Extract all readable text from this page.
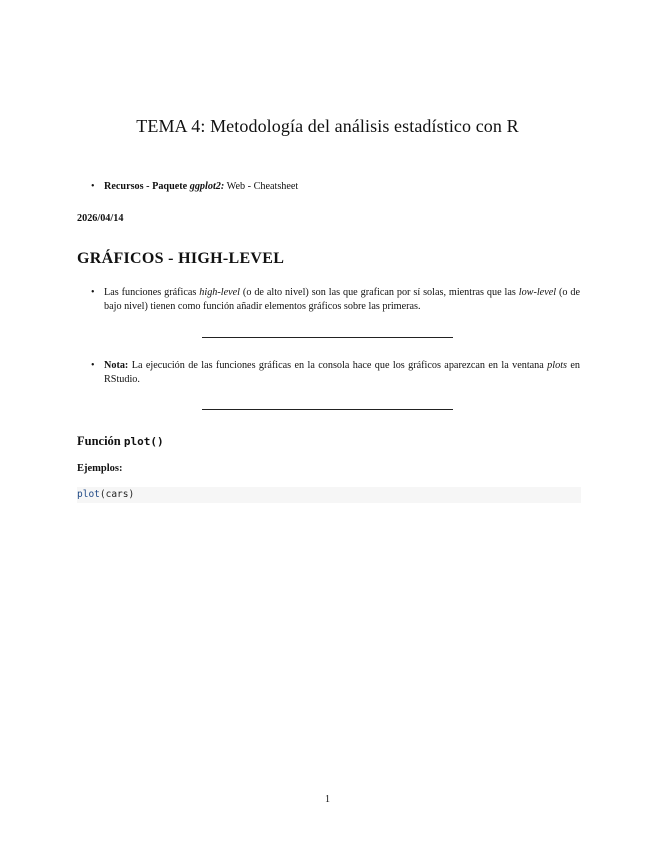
TEMA 4: Metodología del análisis estadístico con R
• Recursos - Paquete ggplot2: Web - Cheatsheet
2026/04/14
GRÁFICOS - HIGH-LEVEL
• Las funciones gráficas high-level (o de alto nivel) son las que grafican por sí solas, mientras que las low-level (o de bajo nivel) tienen como función añadir elementos gráficos sobre las primeras.
• Nota: La ejecución de las funciones gráficas en la consola hace que los gráficos aparezcan en la ventana plots en RStudio.
Función plot()
Ejemplos:
plot(cars)
1
